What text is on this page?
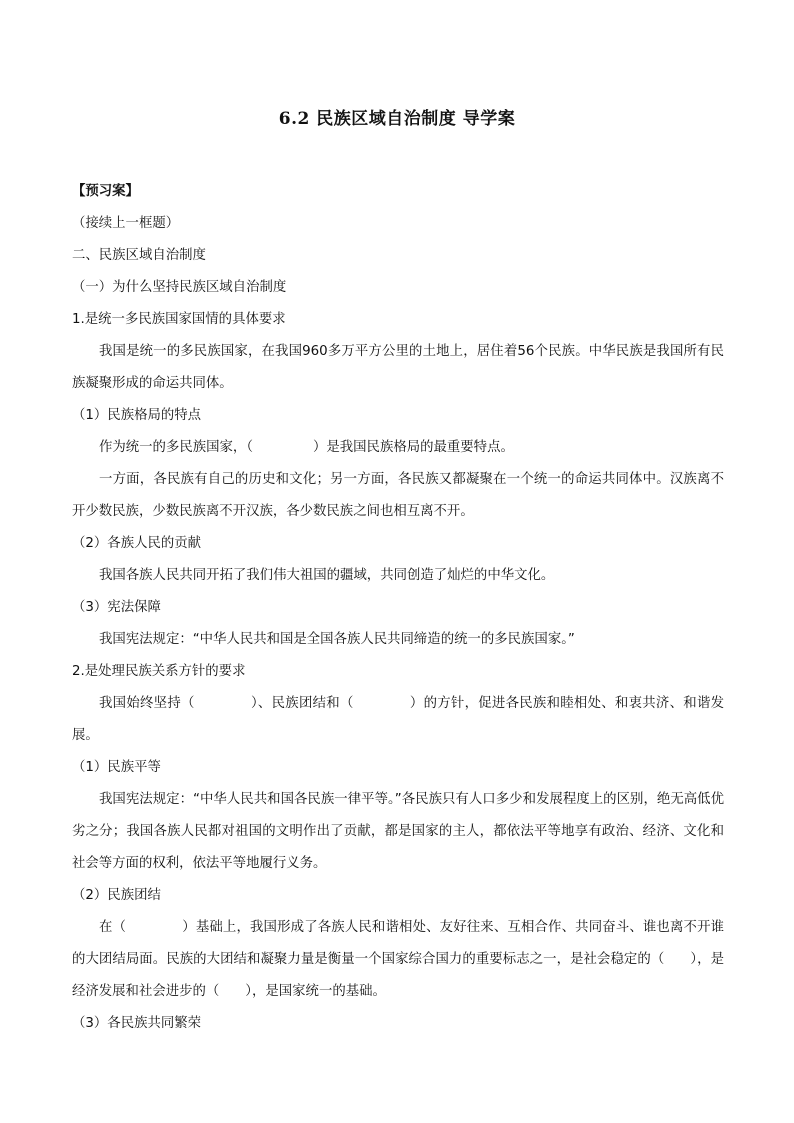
6.2 民族区域自治制度 导学案
【预习案】
（接续上一框题）
二、民族区域自治制度
（一）为什么坚持民族区域自治制度
1.是统一多民族国家国情的具体要求
我国是统一的多民族国家，在我国960多万平方公里的土地上，居住着56个民族。中华民族是我国所有民族凝聚形成的命运共同体。
（1）民族格局的特点
作为统一的多民族国家，（	）是我国民族格局的最重要特点。
一方面，各民族有自己的历史和文化；另一方面，各民族又都凝聚在一个统一的命运共同体中。汉族离不开少数民族，少数民族离不开汉族，各少数民族之间也相互离不开。
（2）各族人民的贡献
我国各族人民共同开拓了我们伟大祖国的疆域，共同创造了灿烂的中华文化。
（3）宪法保障
我国宪法规定：“中华人民共和国是全国各族人民共同缔造的统一的多民族国家。”
2.是处理民族关系方针的要求
我国始终坚持（	）、民族团结和（	）的方针，促进各民族和睦相处、和衷共济、和谐发展。
（1）民族平等
我国宪法规定：“中华人民共和国各民族一律平等。”各民族只有人口多少和发展程度上的区别，绝无高低优劣之分；我国各族人民都对祖国的文明作出了贡献，都是国家的主人，都依法平等地享有政治、经济、文化和社会等方面的权利，依法平等地履行义务。
（2）民族团结
在（	）基础上，我国形成了各族人民和谐相处、友好往来、互相合作、共同奋斗、谁也离不开谁的大团结局面。民族的大团结和凝聚力量是衡量一个国家综合国力的重要标志之一，是社会稳定的（ ），是经济发展和社会进步的（ ），是国家统一的基础。
（3）各民族共同繁荣
